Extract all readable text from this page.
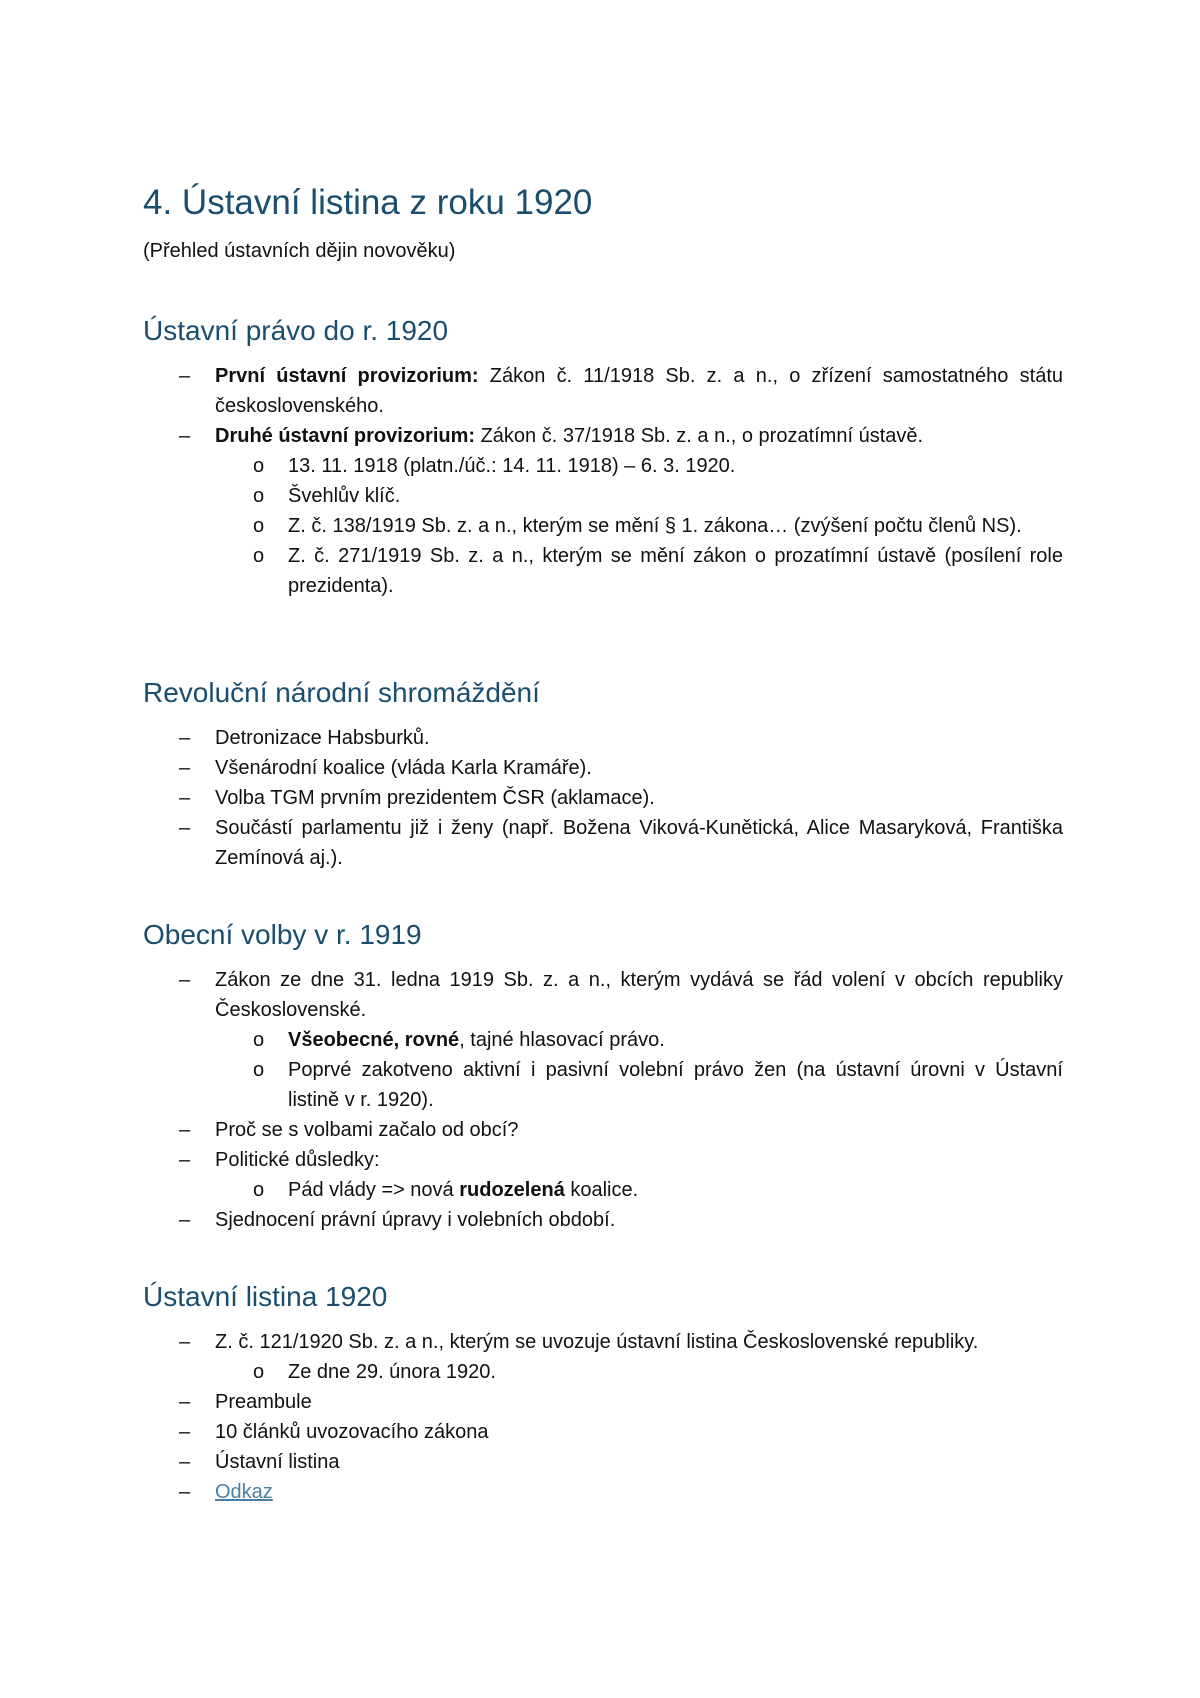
4. Ústavní listina z roku 1920

(Přehled ústavních dějin novověku)

Ústavní právo do r. 1920
– První ústavní provizorium: Zákon č. 11/1918 Sb. z. a n., o zřízení samostatného státu československého.
– Druhé ústavní provizorium: Zákon č. 37/1918 Sb. z. a n., o prozatímní ústavě.
o 13. 11. 1918 (platn./úč.: 14. 11. 1918) – 6. 3. 1920.
o Švehlův klíč.
o Z. č. 138/1919 Sb. z. a n., kterým se mění § 1. zákona… (zvýšení počtu členů NS).
o Z. č. 271/1919 Sb. z. a n., kterým se mění zákon o prozatímní ústavě (posílení role prezidenta).
Revoluční národní shromáždění
– Detronizace Habsburků.
– Všenárodní koalice (vláda Karla Kramáře).
– Volba TGM prvním prezidentem ČSR (aklamace).
– Součástí parlamentu již i ženy (např. Božena Viková-Kunětická, Alice Masaryková, Františka Zemínová aj.).
Obecní volby v r. 1919
– Zákon ze dne 31. ledna 1919 Sb. z. a n., kterým vydává se řád volení v obcích republiky Československé.
o Všeobecné, rovné, tajné hlasovací právo.
o Poprvé zakotveno aktivní i pasivní volební právo žen (na ústavní úrovni v Ústavní listině v r. 1920).
– Proč se s volbami začalo od obcí?
– Politické důsledky:
o Pád vlády => nová rudozelená koalice.
– Sjednocení právní úpravy i volebních období.
Ústavní listina 1920
– Z. č. 121/1920 Sb. z. a n., kterým se uvozuje ústavní listina Československé republiky.
o Ze dne 29. února 1920.
– Preambule
– 10 článků uvozovacího zákona
– Ústavní listina
– Odkaz
